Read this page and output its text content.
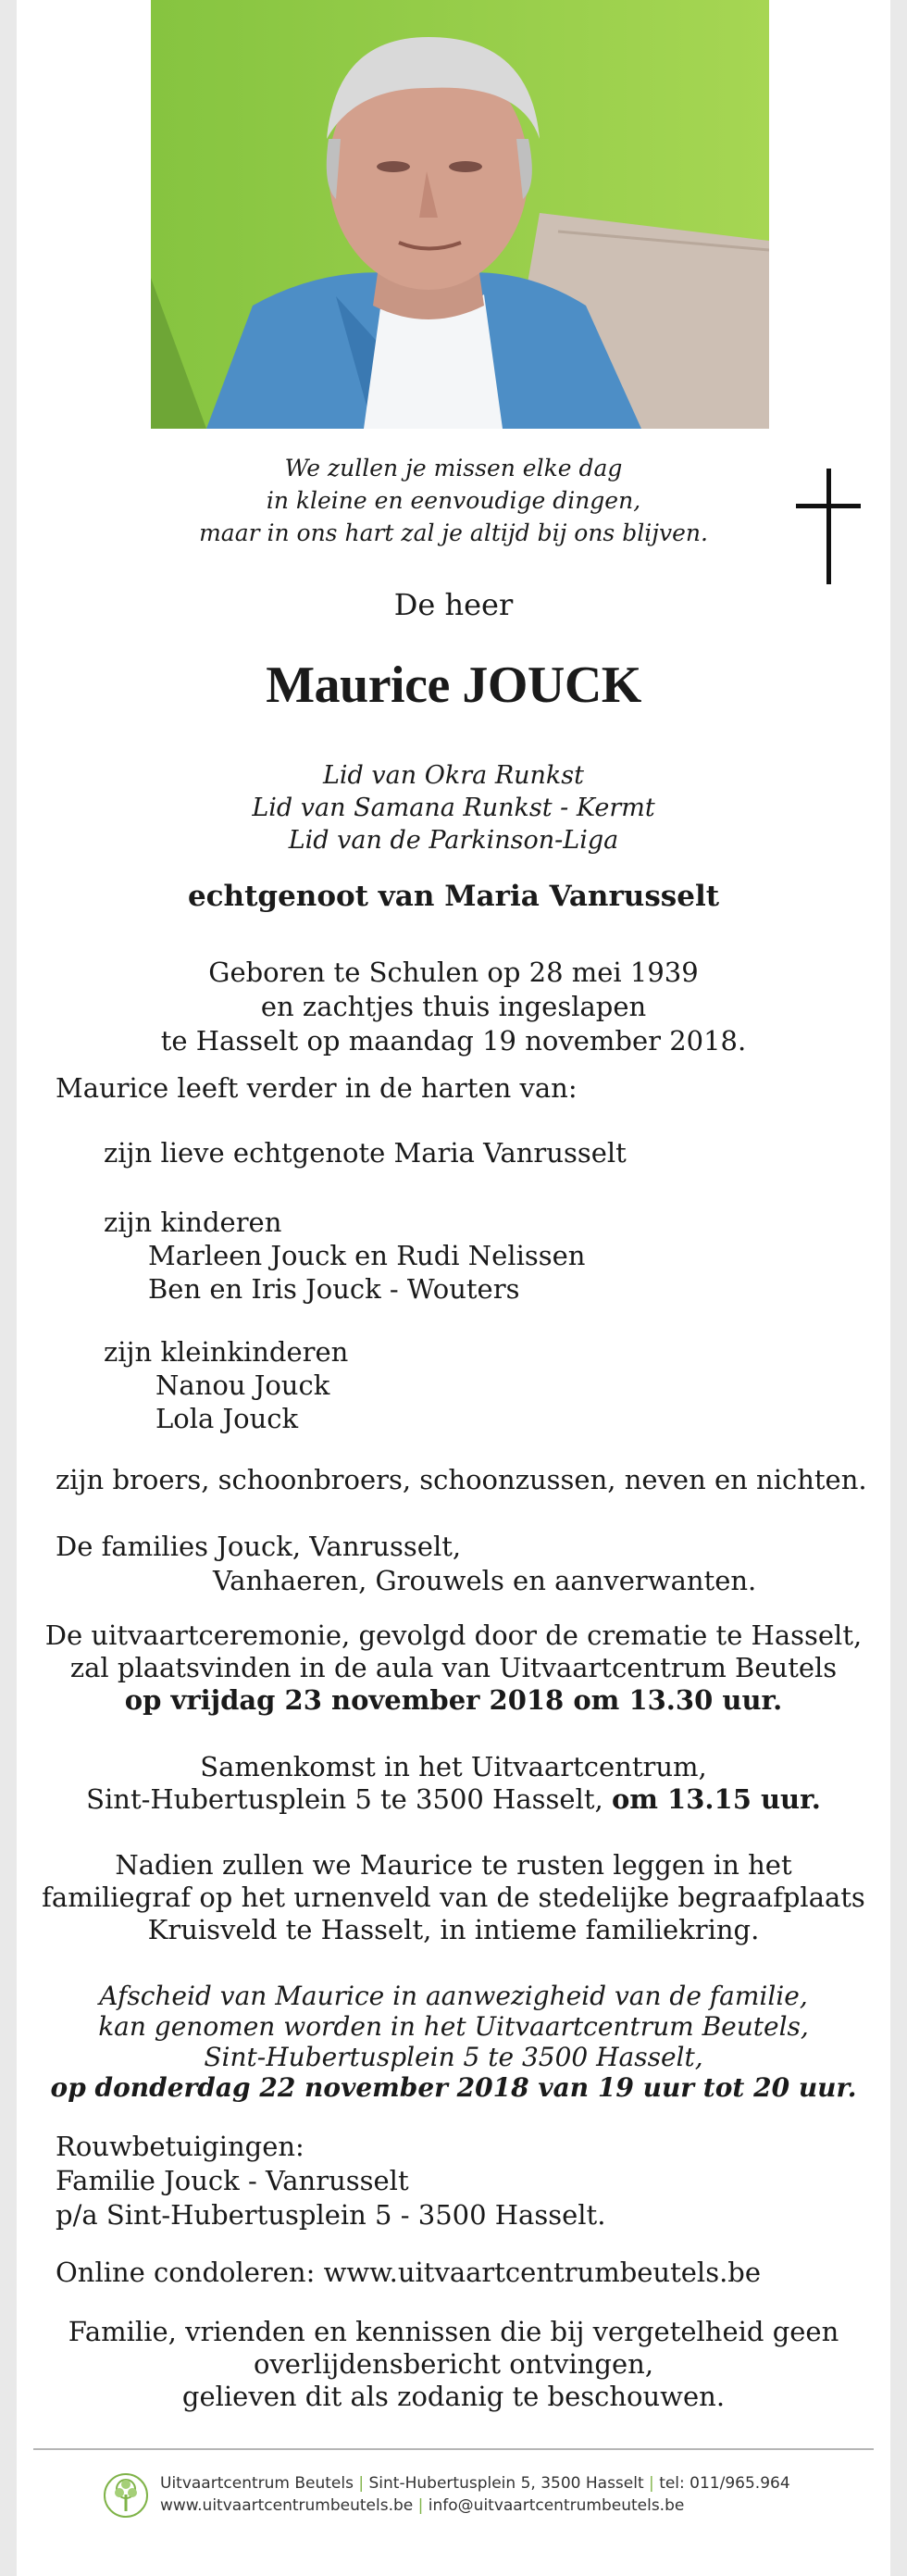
We zullen je missen elke dag
in kleine en eenvoudige dingen,
maar in ons hart zal je altijd bij ons blijven.
De heer
Maurice JOUCK
Lid van Okra Runkst
Lid van Samana Runkst - Kermt
Lid van de Parkinson-Liga
echtgenoot van Maria Vanrusselt
Geboren te Schulen op 28 mei 1939
en zachtjes thuis ingeslapen
te Hasselt op maandag 19 november 2018.
Maurice leeft verder in de harten van:
zijn lieve echtgenote Maria Vanrusselt
zijn kinderen
Marleen Jouck en Rudi Nelissen
Ben en Iris Jouck - Wouters
zijn kleinkinderen
Nanou Jouck
Lola Jouck
zijn broers, schoonbroers, schoonzussen, neven en nichten.
De families Jouck, Vanrusselt,
Vanhaeren, Grouwels en aanverwanten.
De uitvaartceremonie, gevolgd door de crematie te Hasselt,
zal plaatsvinden in de aula van Uitvaartcentrum Beutels
op vrijdag 23 november 2018 om 13.30 uur.
Samenkomst in het Uitvaartcentrum,
Sint-Hubertusplein 5 te 3500 Hasselt, om 13.15 uur.
Nadien zullen we Maurice te rusten leggen in het
familiegraf op het urnenveld van de stedelijke begraafplaats
Kruisveld te Hasselt, in intieme familiekring.
Afscheid van Maurice in aanwezigheid van de familie,
kan genomen worden in het Uitvaartcentrum Beutels,
Sint-Hubertusplein 5 te 3500 Hasselt,
op donderdag 22 november 2018 van 19 uur tot 20 uur.
Rouwbetuigingen:
Familie Jouck - Vanrusselt
p/a Sint-Hubertusplein 5 - 3500 Hasselt.
Online condoleren: www.uitvaartcentrumbeutels.be
Familie, vrienden en kennissen die bij vergetelheid geen
overlijdensbericht ontvingen,
gelieven dit als zodanig te beschouwen.
Uitvaartcentrum Beutels | Sint-Hubertusplein 5, 3500 Hasselt | tel: 011/965.964
www.uitvaartcentrumbeutels.be | info@uitvaartcentrumbeutels.be
